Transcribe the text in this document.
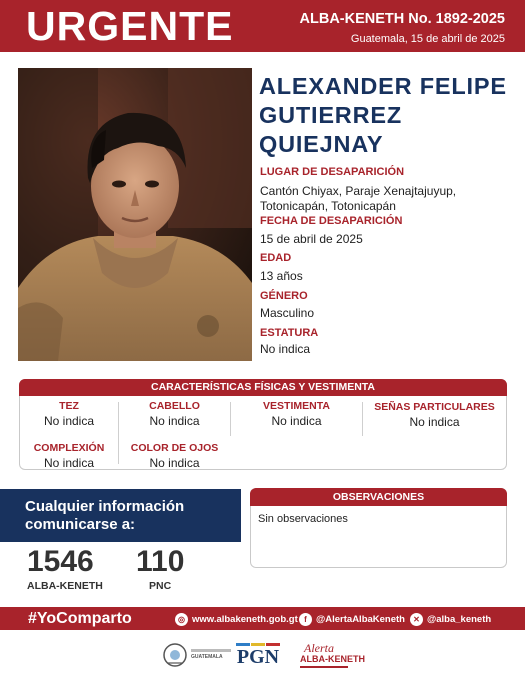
URGENTE	ALBA-KENETH No. 1892-2025
Guatemala, 15 de abril de 2025
ALEXANDER FELIPE GUTIERREZ QUIEJNAY
LUGAR DE DESAPARICIÓN
Cantón Chiyax, Paraje Xenajtajuyup,
Totonicapán, Totonicapán
FECHA DE DESAPARICIÓN
15 de abril de 2025
EDAD
13 años
GÉNERO
Masculino
ESTATURA
No indica
CARACTERÍSTICAS FÍSICAS Y VESTIMENTA
TEZ
No indica
CABELLO
No indica
VESTIMENTA
No indica
SEÑAS PARTICULARES
No indica
COMPLEXIÓN
No indica
COLOR DE OJOS
No indica
Cualquier información
comunicarse a:
1546
ALBA-KENETH
110
PNC
OBSERVACIONES
Sin observaciones
#YoComparto	◎ www.albakeneth.gob.gt f @AlertaAlbaKeneth	✕ @alba_keneth
GUATEMALA PGN	Alerta
ALBA-KENETH
